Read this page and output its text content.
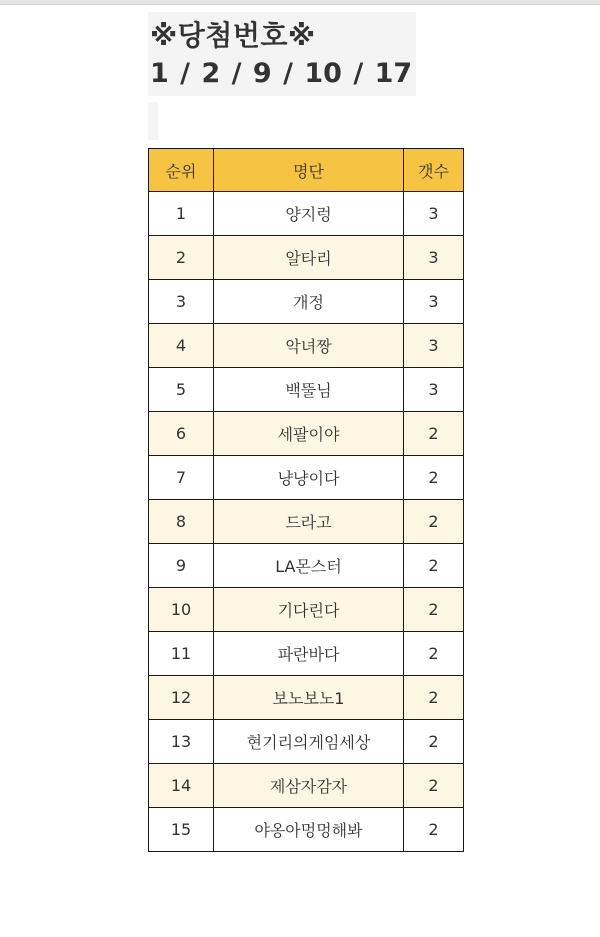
※당첨번호※
1 / 2 / 9 / 10 / 17
순위	명단	갯수
1	양지렁	3
2	알타리	3
3	개정	3
4	악녀짱	3
5	백뚤님	3
6	세팔이야	2
7	냥냥이다	2
8	드라고	2
9	LA몬스터	2
10	기다린다	2
11	파란바다	2
12	보노보노1	2
13	현기리의게임세상	2
14	제삼자감자	2
15	야옹아멍멍해봐	2
